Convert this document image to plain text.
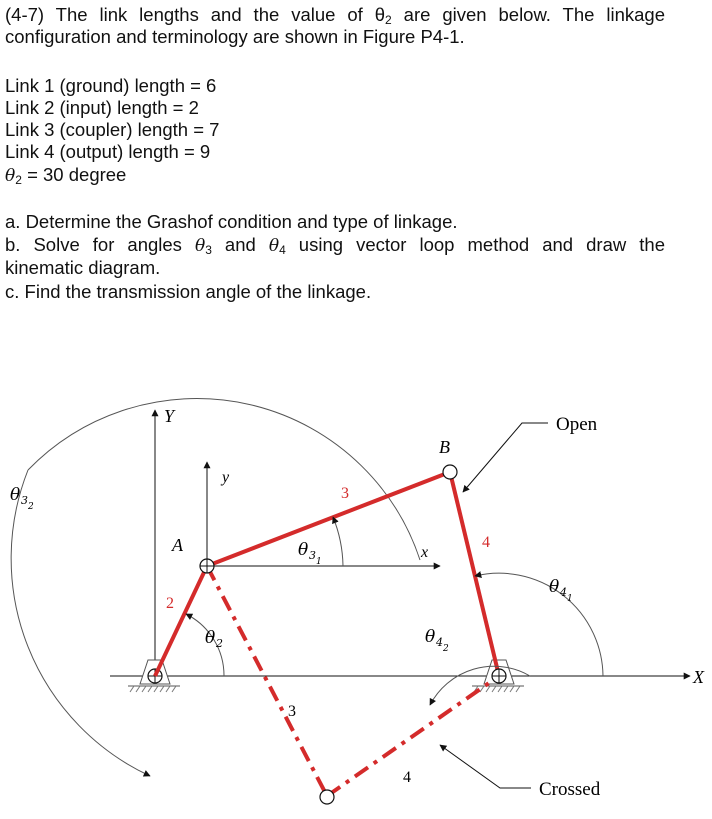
(4-7) The link lengths and the value of $\theta_2$ are given below. The linkage
configuration and terminology are shown in Figure P4-1.
Link 1 (ground) length = 6
Link 2 (input) length = 2
Link 3 (coupler) length = 7
Link 4 (output) length = 9
$\theta_2 = 30$ degree
a. Determine the Grashof condition and type of linkage.
b. Solve for angles $\theta_3$ and $\theta_4$ using vector loop method and draw the
kinematic diagram.
c. Find the transmission angle of the linkage.
Y
y
B
A	x
X
Open
Crossed
2
3
4
3
4
θ 3 2
θ 3 1
θ 2	θ 4 2
θ 4 1
